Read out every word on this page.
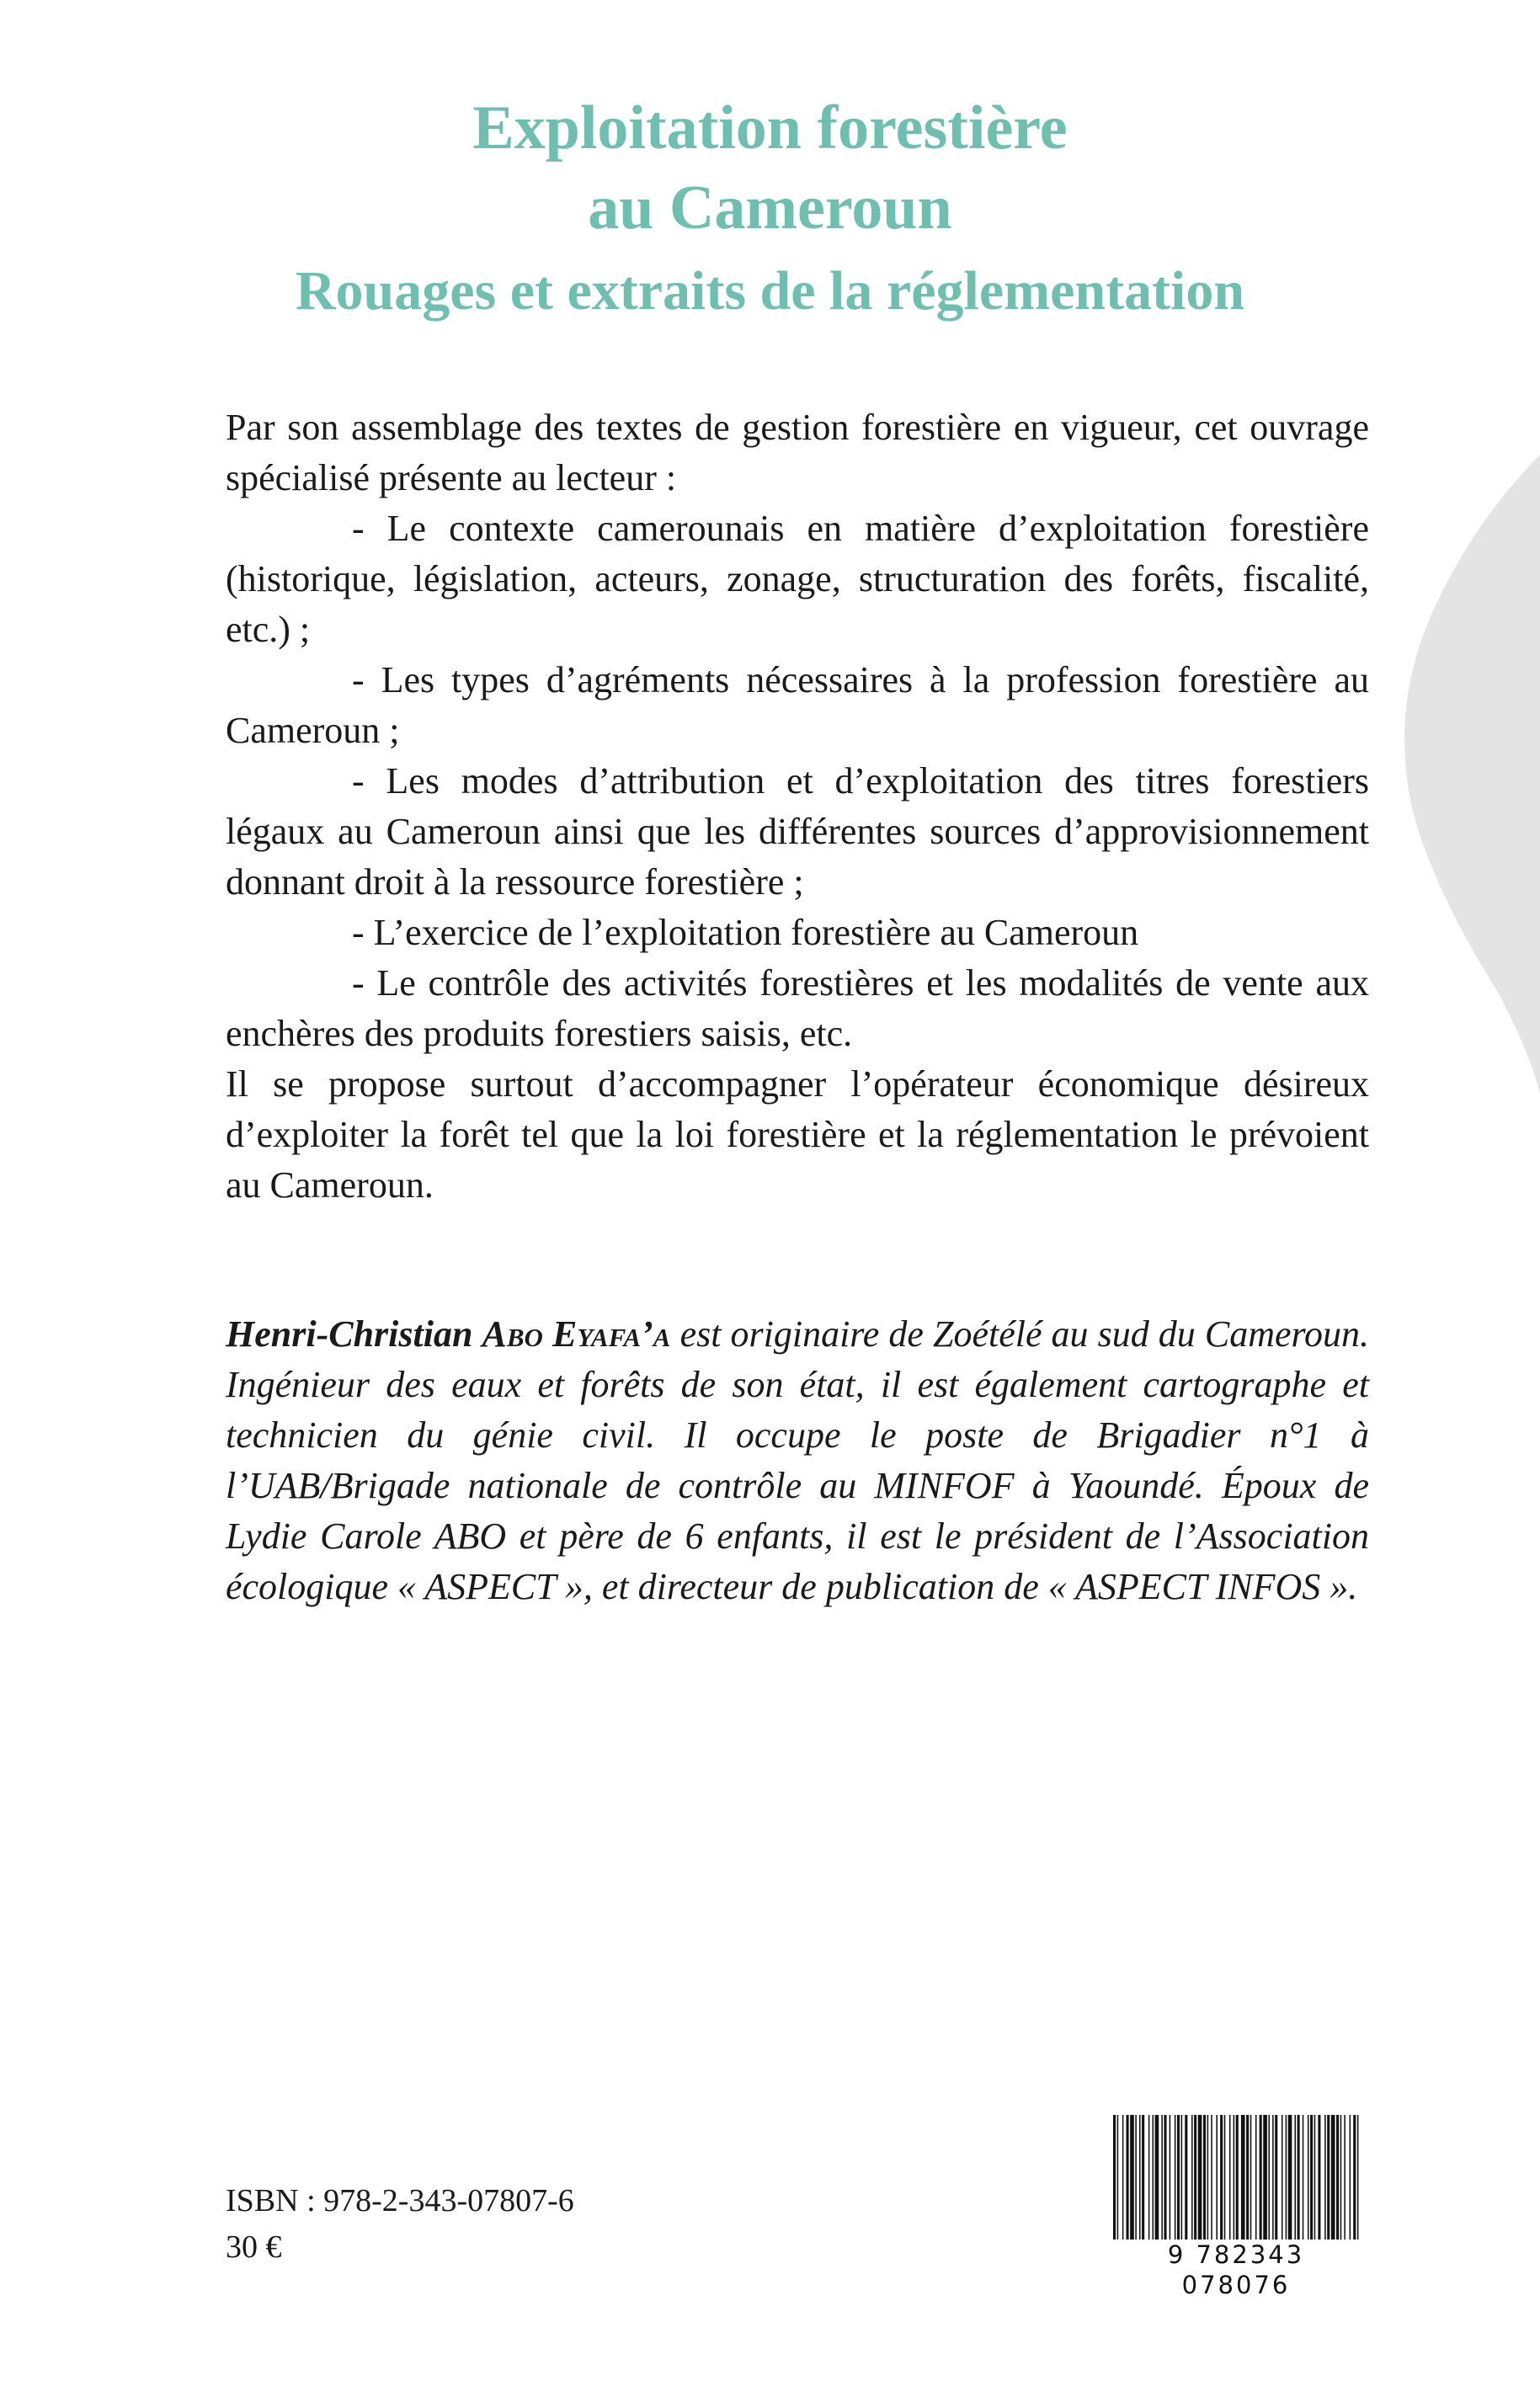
Exploitation forestière
au Cameroun
Rouages et extraits de la réglementation

Par son assemblage des textes de gestion forestière en vigueur, cet ouvrage spécialisé présente au lecteur :

- Le contexte camerounais en matière d’exploitation forestière (historique, législation, acteurs, zonage, structuration des forêts, fiscalité, etc.) ;

- Les types d’agréments nécessaires à la profession forestière au Cameroun ;

- Les modes d’attribution et d’exploitation des titres forestiers légaux au Cameroun ainsi que les différentes sources d’approvisionnement donnant droit à la ressource forestière ;

- L’exercice de l’exploitation forestière au Cameroun

- Le contrôle des activités forestières et les modalités de vente aux enchères des produits forestiers saisis, etc.

Il se propose surtout d’accompagner l’opérateur économique désireux d’exploiter la forêt tel que la loi forestière et la réglementation le prévoient au Cameroun.

Henri-Christian Abo Eyafa’a est originaire de Zoétélé au sud du Cameroun. Ingénieur des eaux et forêts de son état, il est également cartographe et technicien du génie civil. Il occupe le poste de Brigadier n°1 à l’UAB/Brigade nationale de contrôle au MINFOF à Yaoundé. Époux de Lydie Carole ABO et père de 6 enfants, il est le président de l’Association écologique « ASPECT », et directeur de publication de « ASPECT INFOS ».
ISBN : 978-2-343-07807-6
30 €	9 782343 078076
